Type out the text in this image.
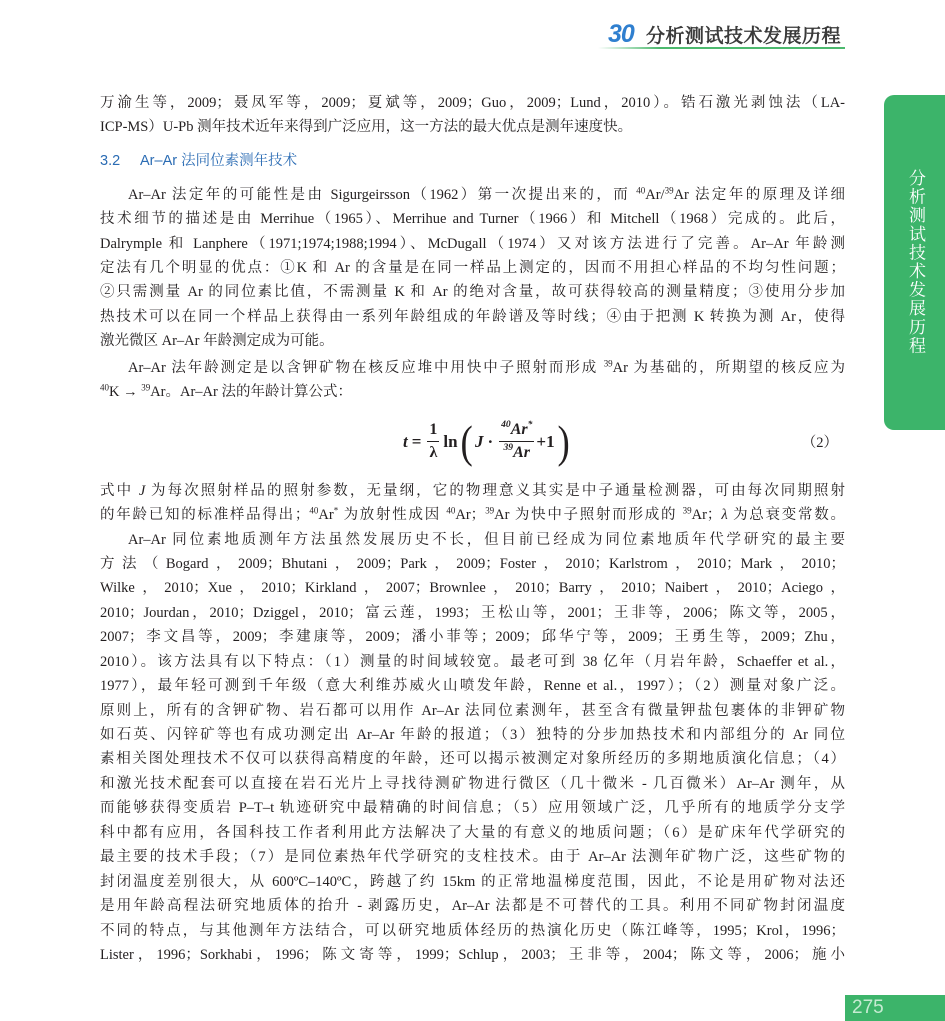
30 分析测试技术发展历程
分析测试技术发展历程
万渝生等，2009；聂凤军等，2009；夏斌等，2009；Guo，2009；Lund，2010）。锆石激光剥蚀法（LA-
ICP-MS）U-Pb 测年技术近年来得到广泛应用，这一方法的最大优点是测年速度快。
3.2 Ar–Ar 法同位素测年技术
Ar–Ar 法定年的可能性是由 Sigurgeirsson（1962）第一次提出来的，而 $^{40}$Ar/$^{39}$Ar 法定年的原理及详细
技术细节的描述是由 Merrihue（1965）、Merrihue and Turner（1966）和 Mitchell（1968）完成的。此后，
Dalrymple 和 Lanphere（1971;1974;1988;1994）、McDugall（1974）又对该方法进行了完善。Ar–Ar 年龄测
定法有几个明显的优点：①K 和 Ar 的含量是在同一样品上测定的，因而不用担心样品的不均匀性问题；
②只需测量 Ar 的同位素比值，不需测量 K 和 Ar 的绝对含量，故可获得较高的测量精度；③使用分步加
热技术可以在同一个样品上获得由一系列年龄组成的年龄谱及等时线；④由于把测 K 转换为测 Ar，使得
激光微区 Ar–Ar 年龄测定成为可能。
Ar–Ar 法年龄测定是以含钾矿物在核反应堆中用快中子照射而形成 $^{39}$Ar 为基础的，所期望的核反应为
$^{40}$K → $^{39}$Ar。Ar–Ar 法的年龄计算公式：
$t = \frac{1}{\lambda}$ ln ( $J \cdot \frac{^{40}Ar^*}{^{39}Ar} +1$ )	（2）
式中 J 为每次照射样品的照射参数，无量纲，它的物理意义其实是中子通量检测器，可由每次同期照射
的年龄已知的标准样品得出；$^{40}$Ar* 为放射性成因 $^{40}$Ar；$^{39}$Ar 为快中子照射而形成的 $^{39}$Ar；λ 为总衰变常数。
Ar–Ar 同位素地质测年方法虽然发展历史不长，但目前已经成为同位素地质年代学研究的最主要
方法（Bogard，2009；Bhutani，2009；Park，2009；Foster，2010；Karlstrom，2010；Mark，2010；
Wilke，2010；Xue，2010；Kirkland，2007；Brownlee，2010；Barry，2010；Naibert，2010；Aciego，
2010；Jourdan，2010；Dziggel，2010；富云莲，1993；王松山等，2001；王非等，2006；陈文等，2005，
2007；李文昌等，2009；李建康等，2009；潘小菲等；2009；邱华宁等，2009；王勇生等，2009；Zhu，
2010）。该方法具有以下特点：（1）测量的时间域较宽。最老可到 38 亿年（月岩年龄，Schaeffer et al.，
1977），最年轻可测到千年级（意大利维苏威火山喷发年龄，Renne et al.，1997）；（2）测量对象广泛。
原则上，所有的含钾矿物、岩石都可以用作 Ar–Ar 法同位素测年，甚至含有微量钾盐包裹体的非钾矿物
如石英、闪锌矿等也有成功测定出 Ar–Ar 年龄的报道；（3）独特的分步加热技术和内部组分的 Ar 同位
素相关图处理技术不仅可以获得高精度的年龄，还可以揭示被测定对象所经历的多期地质演化信息；（4）
和激光技术配套可以直接在岩石光片上寻找待测矿物进行微区（几十微米 - 几百微米）Ar–Ar 测年，从
而能够获得变质岩 P–T–t 轨迹研究中最精确的时间信息；（5）应用领域广泛，几乎所有的地质学分支学
科中都有应用，各国科技工作者利用此方法解决了大量的有意义的地质问题；（6）是矿床年代学研究的
最主要的技术手段；（7）是同位素热年代学研究的支柱技术。由于 Ar–Ar 法测年矿物广泛，这些矿物的
封闭温度差别很大，从 600ºC–140ºC，跨越了约 15km 的正常地温梯度范围，因此，不论是用矿物对法还
是用年龄高程法研究地质体的抬升 - 剥露历史，Ar–Ar 法都是不可替代的工具。利用不同矿物封闭温度
不同的特点，与其他测年方法结合，可以研究地质体经历的热演化历史（陈江峰等，1995；Krol，1996；
Lister，1996；Sorkhabi，1996；陈文寄等，1999；Schlup，2003；王非等，2004；陈文等，2006；施小
275
